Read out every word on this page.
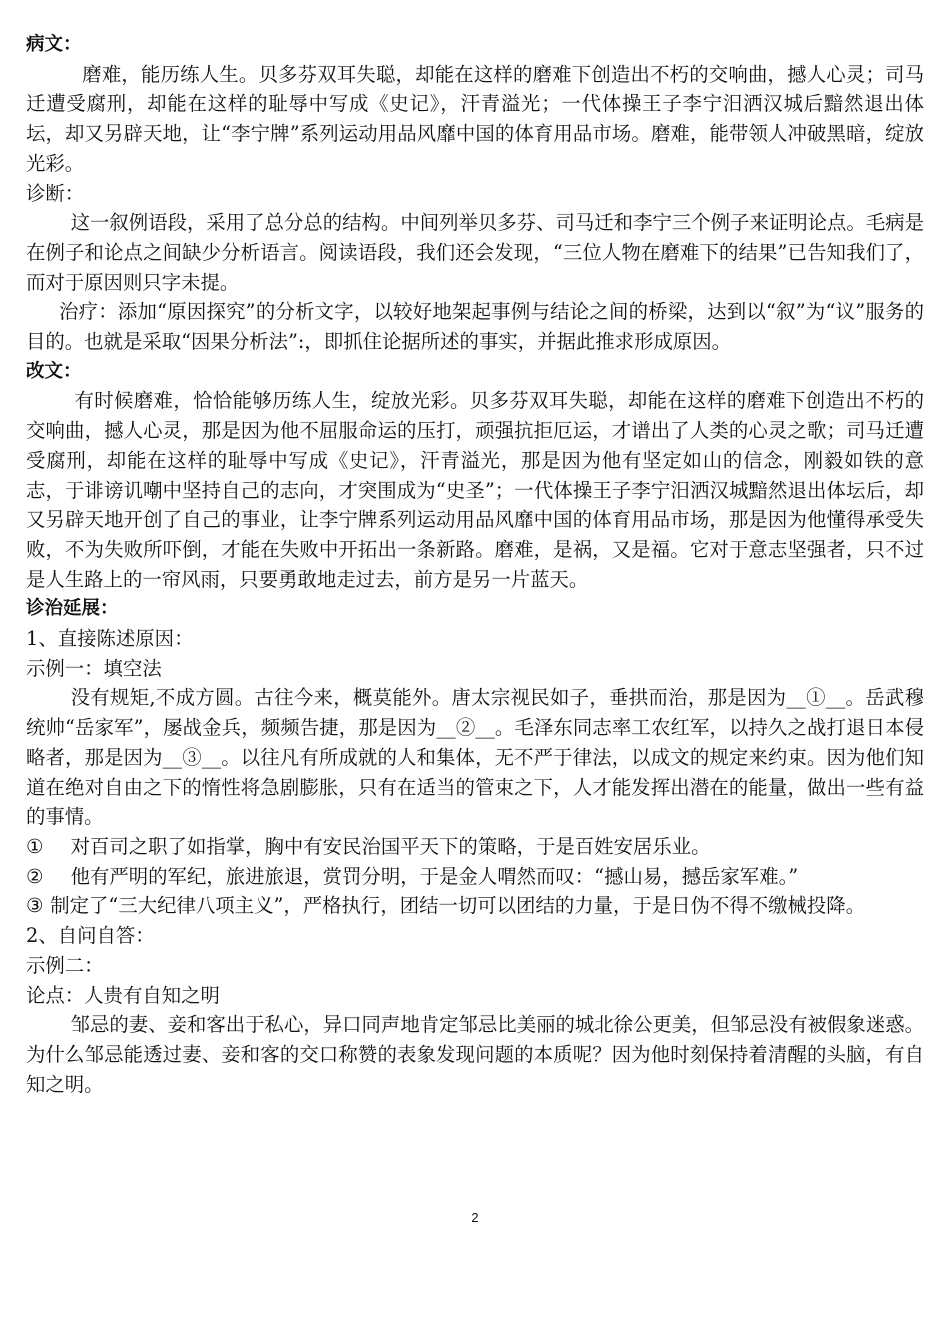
病文：

磨难，能历练人生。贝多芬双耳失聪，却能在这样的磨难下创造出不朽的交响曲，撼人心灵；司马迁遭受腐刑，却能在这样的耻辱中写成《史记》，汗青溢光；一代体操王子李宁汨洒汉城后黯然退出体坛，却又另辟天地，让“李宁牌”系列运动用品风靡中国的体育用品市场。磨难，能带领人冲破黑暗，绽放光彩。

诊断：

这一叙例语段，采用了总分总的结构。中间列举贝多芬、司马迁和李宁三个例子来证明论点。毛病是在例子和论点之间缺少分析语言。阅读语段，我们还会发现，“三位人物在磨难下的结果”已告知我们了，而对于原因则只字未提。

治疗：添加“原因探究”的分析文字，以较好地架起事例与结论之间的桥梁，达到以“叙”为“议”服务的目的。也就是采取“因果分析法”:，即抓住论据所述的事实，并据此推求形成原因。

改文：

有时候磨难，恰恰能够历练人生，绽放光彩。贝多芬双耳失聪，却能在这样的磨难下创造出不朽的交响曲，撼人心灵，那是因为他不屈服命运的压打，顽强抗拒厄运，才谱出了人类的心灵之歌；司马迁遭受腐刑，却能在这样的耻辱中写成《史记》，汗青溢光，那是因为他有坚定如山的信念，刚毅如铁的意志，于诽谤讥嘲中坚持自己的志向，才突围成为“史圣”；一代体操王子李宁汨洒汉城黯然退出体坛后，却又另辟天地开创了自己的事业，让李宁牌系列运动用品风靡中国的体育用品市场，那是因为他懂得承受失败，不为失败所吓倒，才能在失败中开拓出一条新路。磨难，是祸，又是福。它对于意志坚强者，只不过是人生路上的一帘风雨，只要勇敢地走过去，前方是另一片蓝天。

诊治延展：

1、直接陈述原因：

示例一：填空法

没有规矩,不成方圆。古往今来，概莫能外。唐太宗视民如子，垂拱而治，那是因为__①__。岳武穆统帅“岳家军”，屡战金兵，频频告捷，那是因为__②__。毛泽东同志率工农红军，以持久之战打退日本侵略者，那是因为__③__。以往凡有所成就的人和集体，无不严于律法，以成文的规定来约束。因为他们知道在绝对自由之下的惰性将急剧膨胀，只有在适当的管束之下，人才能发挥出潜在的能量，做出一些有益的事情。

①	对百司之职了如指掌，胸中有安民治国平天下的策略，于是百姓安居乐业。
②	他有严明的军纪，旅进旅退，赏罚分明，于是金人喟然而叹：“撼山易，撼岳家军难。”
③ 制定了“三大纪律八项主义”，严格执行，团结一切可以团结的力量，于是日伪不得不缴械投降。

2、自问自答：

示例二：

论点：人贵有自知之明

邹忌的妻、妾和客出于私心，异口同声地肯定邹忌比美丽的城北徐公更美，但邹忌没有被假象迷惑。为什么邹忌能透过妻、妾和客的交口称赞的表象发现问题的本质呢？因为他时刻保持着清醒的头脑，有自知之明。

2
